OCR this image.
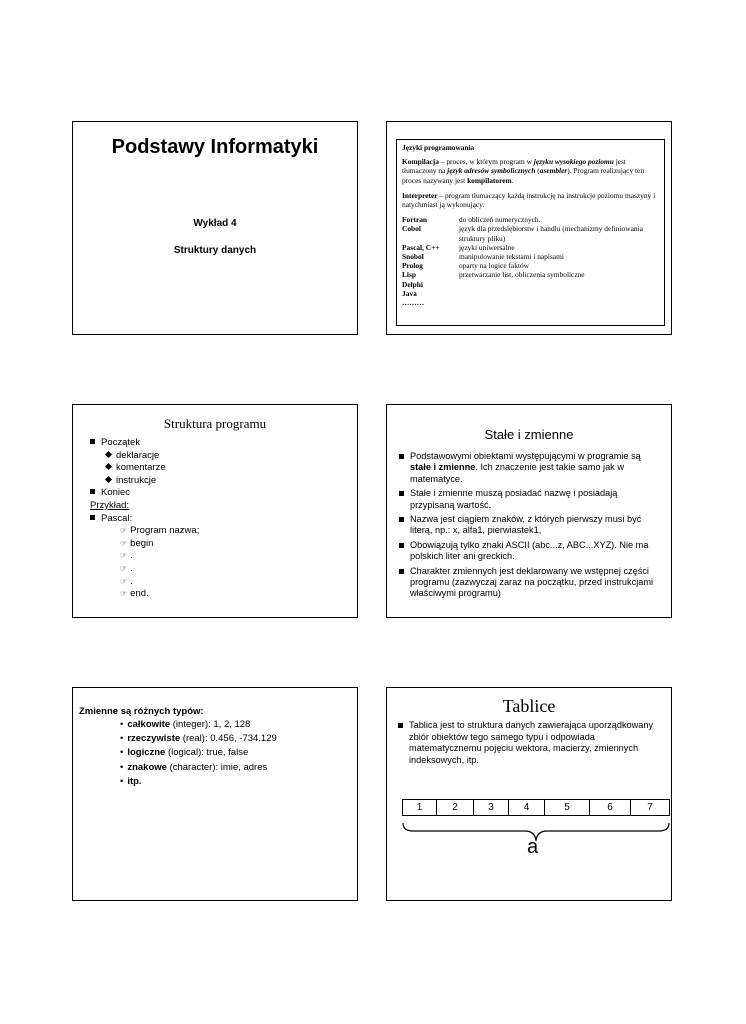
Podstawy Informatyki
Wykład 4
Struktury danych
Języki programowania
Kompilacja – proces, w którym program w języku wysokiego poziomu jest tłumaczony na język adresów symbolicznych (asembler). Program realizujący ten proces nazywany jest kompilatorem.
Interpreter – program tłumaczący każdą instrukcję na instrukcje poziomu maszyny i natychmiast ją wykonujący.
Fortran	do obliczeń numerycznych.
Cobol	język dla przedsiębiorstw i handlu (mechanizmy definiowania struktury pliku)
Pascal, C++	języki uniwersalne
Snobol	manipulowanie tekstami i napisami
Prolog	oparty na logice faktów
Lisp	przetwarzanie list, obliczenia symboliczne
Delphi
Java
………
Struktura programu
Początek
deklaracje
komentarze
instrukcje
Koniec
Przykład:
Pascal:
☞ Program nazwa;
☞ begin
☞ .
☞ .
☞ .
☞ end.
Stałe i zmienne
Podstawowymi obiektami występującymi w programie są stałe i zmienne. Ich znaczenie jest takie samo jak w matematyce.
Stałe i zmienne muszą posiadać nazwę i posiadają przypisaną wartość.
Nazwa jest ciągiem znaków, z których pierwszy musi być literą, np.: x, alfa1, pierwiastek1,
Obowiązują tylko znaki ASCII (abc...z, ABC...XYZ). Nie ma polskich liter ani greckich.
Charakter zmiennych jest deklarowany we wstępnej części programu (zazwyczaj zaraz na początku, przed instrukcjami właściwymi programu)
Zmienne są różnych typów:
• całkowite (integer): 1, 2, 128
• rzeczywiste (real): 0.456, -734.129
• logiczne (logical): true, false
• znakowe (character): imie, adres
• itp.
Tablice
Tablica jest to struktura danych zawierająca uporządkowany zbiór obiektów tego samego typu i odpowiada matematycznemu pojęciu wektora, macierzy, zmiennych indeksowych, itp.
1	2	3	4	5	6	7
a
